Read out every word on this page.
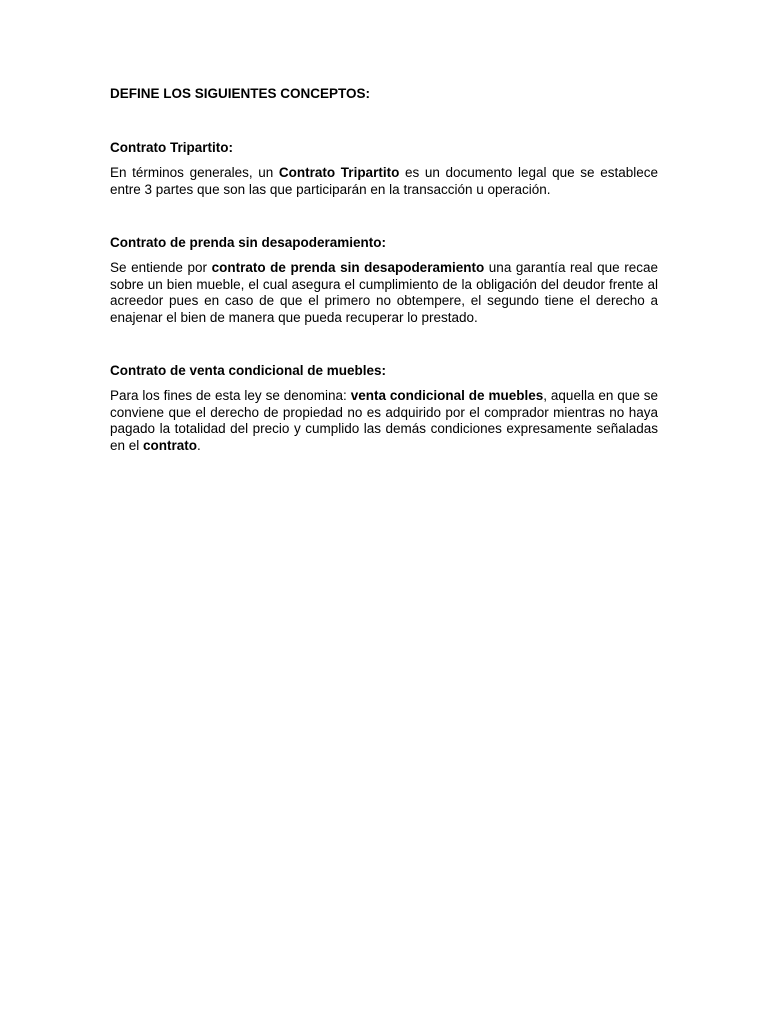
DEFINE LOS SIGUIENTES CONCEPTOS:

Contrato Tripartito:

En términos generales, un Contrato Tripartito es un documento legal que se establece entre 3 partes que son las que participarán en la transacción u operación.

Contrato de prenda sin desapoderamiento:

Se entiende por contrato de prenda sin desapoderamiento una garantía real que recae sobre un bien mueble, el cual asegura el cumplimiento de la obligación del deudor frente al acreedor pues en caso de que el primero no obtempere, el segundo tiene el derecho a enajenar el bien de manera que pueda recuperar lo prestado.

Contrato de venta condicional de muebles:

Para los fines de esta ley se denomina: venta condicional de muebles, aquella en que se conviene que el derecho de propiedad no es adquirido por el comprador mientras no haya pagado la totalidad del precio y cumplido las demás condiciones expresamente señaladas en el contrato.
